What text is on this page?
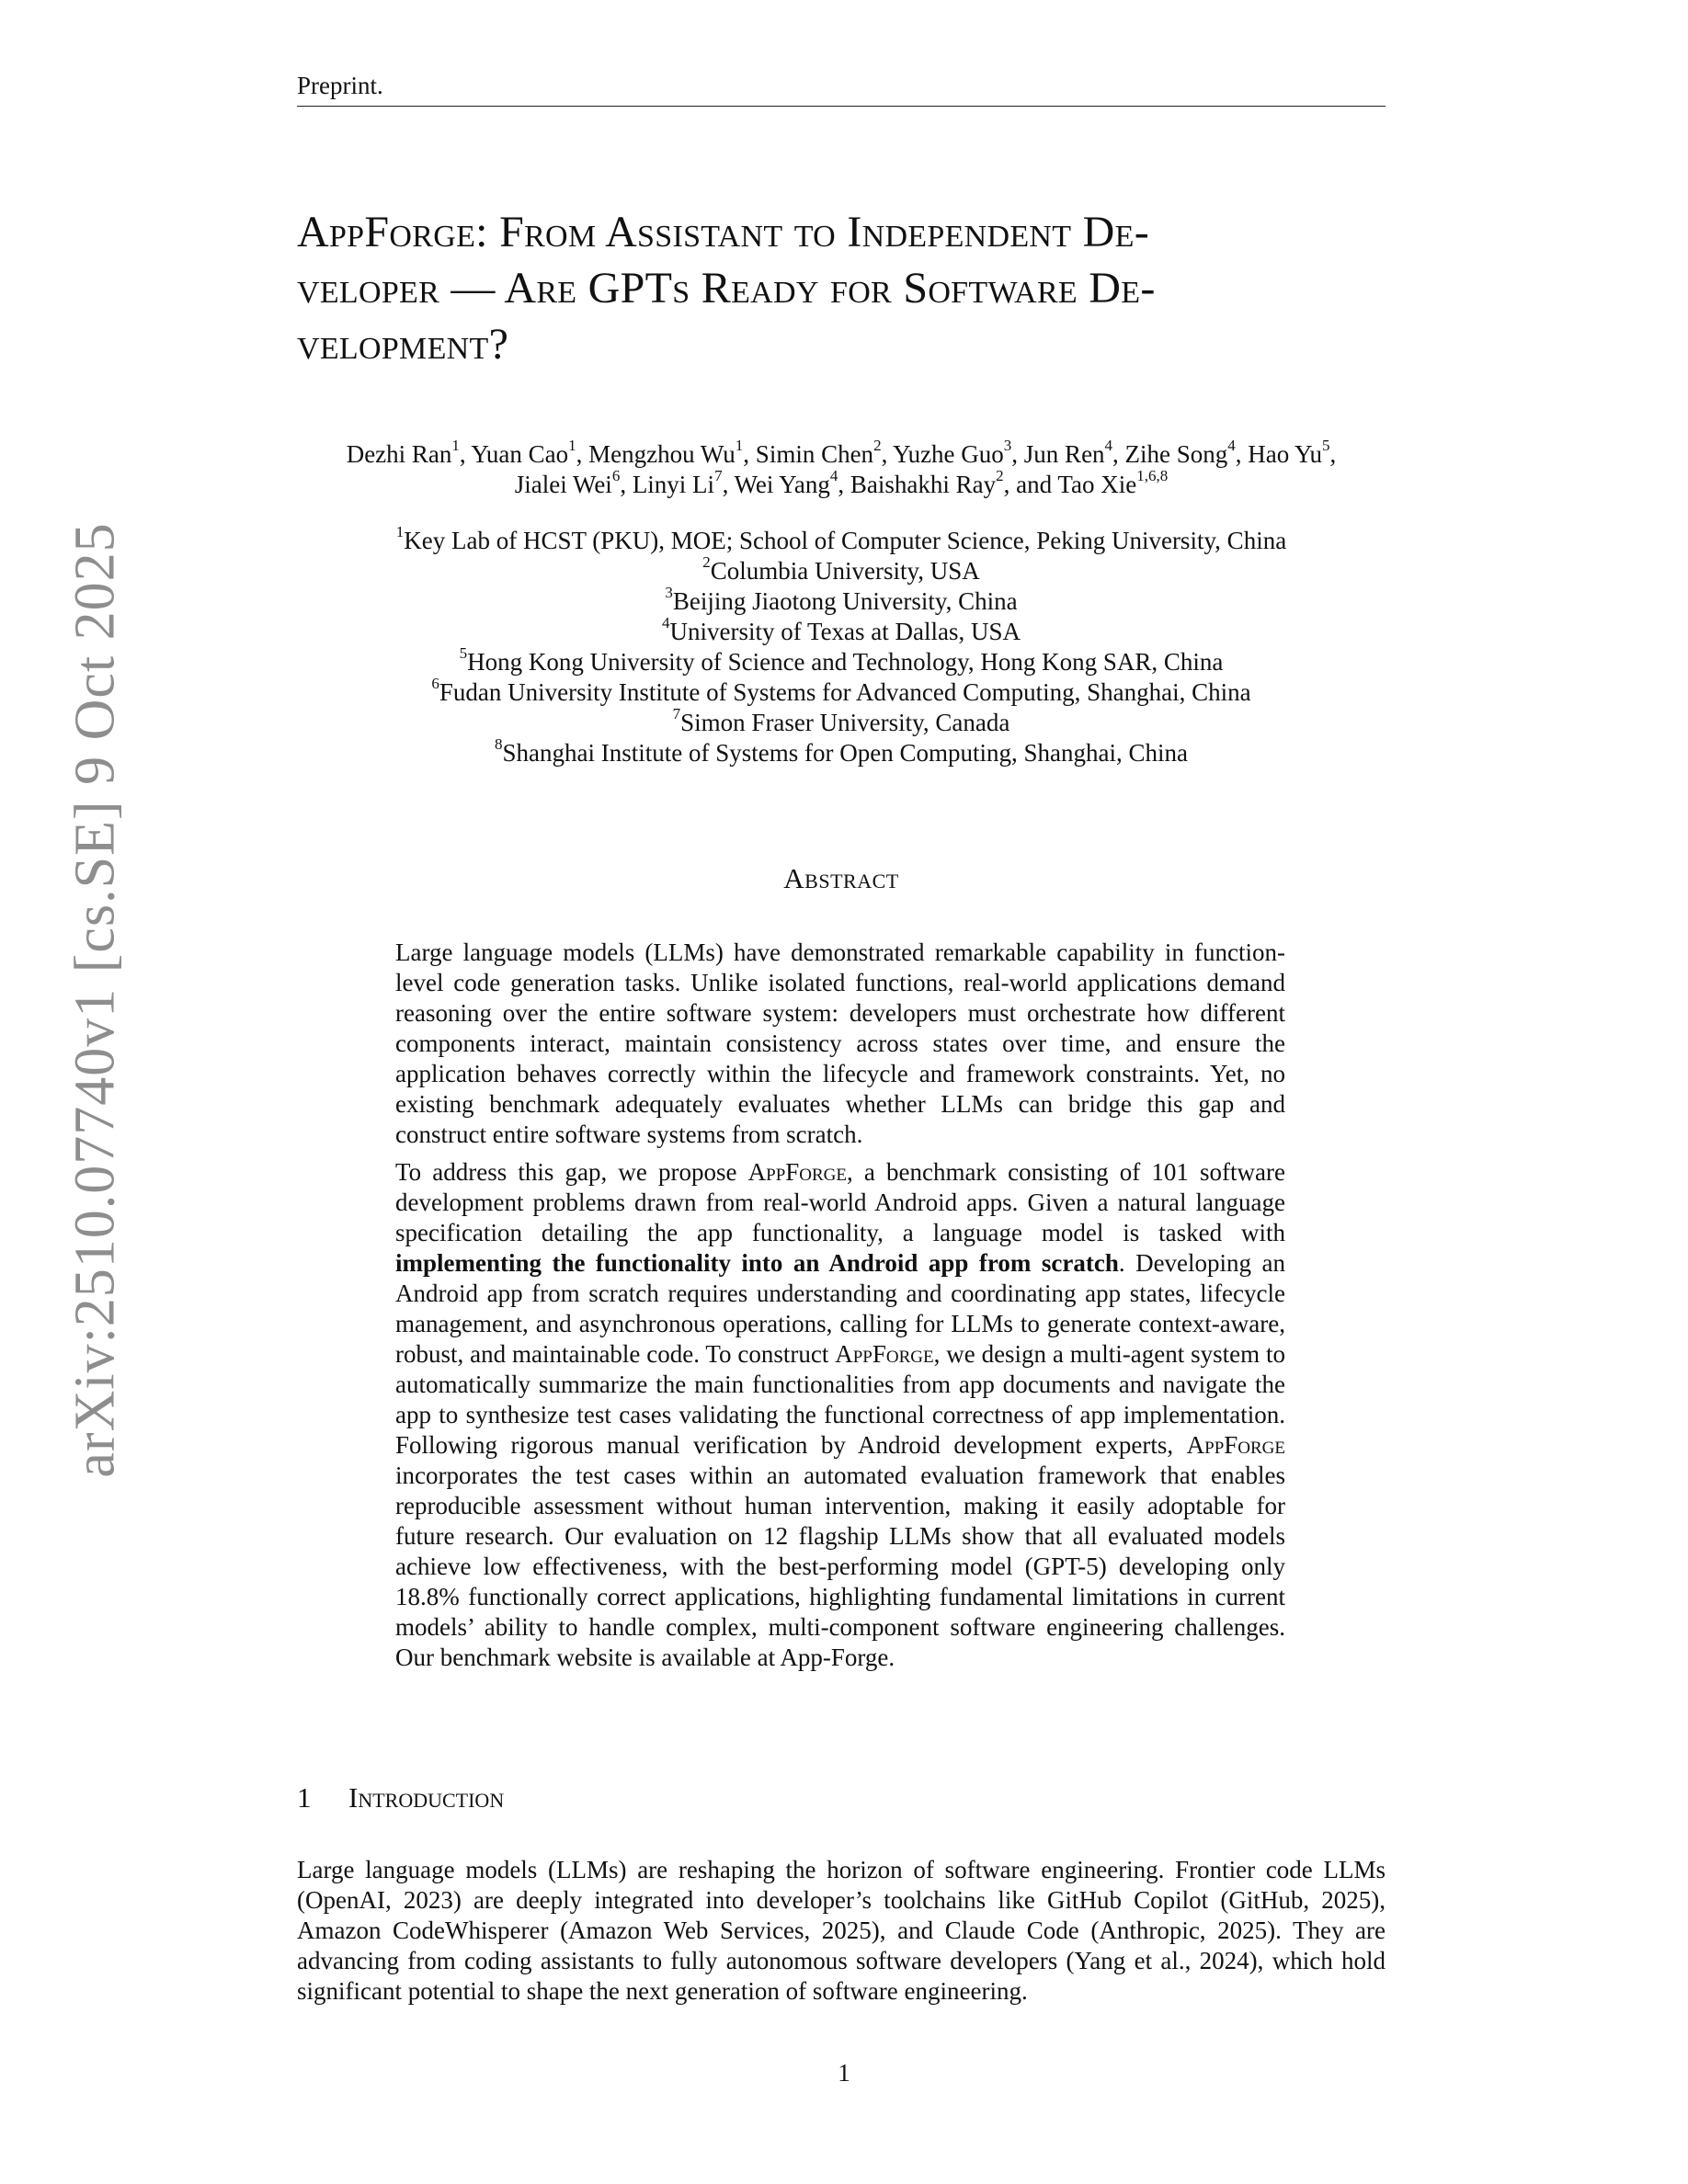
Preprint.
arXiv:2510.07740v1 [cs.SE] 9 Oct 2025
AppForge: From Assistant to Independent De-
veloper — Are GPTs Ready for Software De-
velopment?
Dezhi Ran$^1$, Yuan Cao$^1$, Mengzhou Wu$^1$, Simin Chen$^2$, Yuzhe Guo$^3$, Jun Ren$^4$, Zihe Song$^4$, Hao Yu$^5$,
Jialei Wei$^6$, Linyi Li$^7$, Wei Yang$^4$, Baishakhi Ray$^2$, and Tao Xie$^{1,6,8}$
$^1$Key Lab of HCST (PKU), MOE; School of Computer Science, Peking University, China
$^2$Columbia University, USA
$^3$Beijing Jiaotong University, China
$^4$University of Texas at Dallas, USA
$^5$Hong Kong University of Science and Technology, Hong Kong SAR, China
$^6$Fudan University Institute of Systems for Advanced Computing, Shanghai, China
$^7$Simon Fraser University, Canada
$^8$Shanghai Institute of Systems for Open Computing, Shanghai, China
Abstract

Large language models (LLMs) have demonstrated remarkable capability in function-level code generation tasks. Unlike isolated functions, real-world applications demand reasoning over the entire software system: developers must orchestrate how different components interact, maintain consistency across states over time, and ensure the application behaves correctly within the lifecycle and framework constraints. Yet, no existing benchmark adequately evaluates whether LLMs can bridge this gap and construct entire software systems from scratch.

To address this gap, we propose AppForge, a benchmark consisting of 101 software development problems drawn from real-world Android apps. Given a natural language specification detailing the app functionality, a language model is tasked with implementing the functionality into an Android app from scratch. Developing an Android app from scratch requires understanding and coordinating app states, lifecycle management, and asynchronous operations, calling for LLMs to generate context-aware, robust, and maintainable code. To construct AppForge, we design a multi-agent system to automatically summarize the main functionalities from app documents and navigate the app to synthesize test cases validating the functional correctness of app implementation. Following rigorous manual verification by Android development experts, AppForge incorporates the test cases within an automated evaluation framework that enables reproducible assessment without human intervention, making it easily adoptable for future research. Our evaluation on 12 flagship LLMs show that all evaluated models achieve low effectiveness, with the best-performing model (GPT-5) developing only 18.8% functionally correct applications, highlighting fundamental limitations in current models’ ability to handle complex, multi-component software engineering challenges. Our benchmark website is available at App-Forge.

1 Introduction

Large language models (LLMs) are reshaping the horizon of software engineering. Frontier code LLMs (OpenAI, 2023) are deeply integrated into developer’s toolchains like GitHub Copilot (GitHub, 2025), Amazon CodeWhisperer (Amazon Web Services, 2025), and Claude Code (Anthropic, 2025). They are advancing from coding assistants to fully autonomous software developers (Yang et al., 2024), which hold significant potential to shape the next generation of software engineering.

1
